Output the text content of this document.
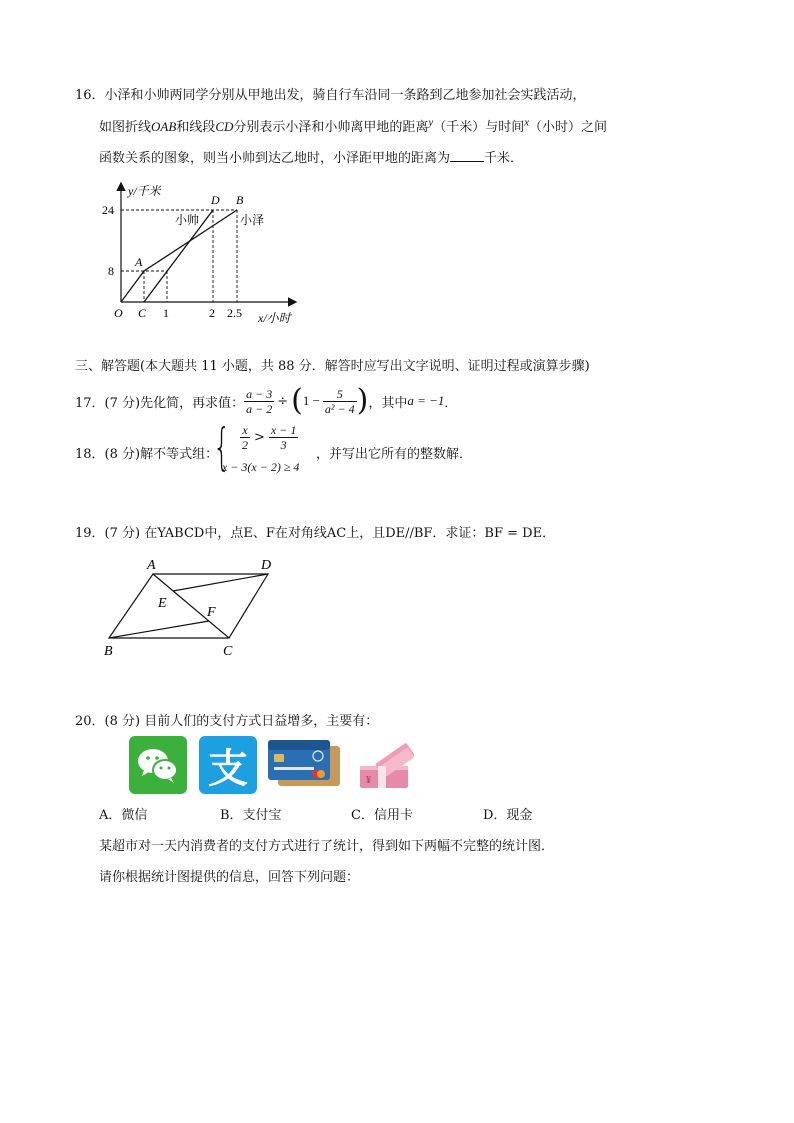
16．小泽和小帅两同学分别从甲地出发，骑自行车沿同一条路到乙地参加社会实践活动，
如图折线OAB和线段CD分别表示小泽和小帅离甲地的距离$^y$（千米）与时间$^x$（小时）之间
函数关系的图象，则当小帅到达乙地时，小泽距甲地的距离为	千米．
y/千米
24
8
A
D B
小帅	小泽
O C 1	2 2.5 x/小时
三、解答题(本大题共 11 小题，共 88 分．解答时应写出文字说明、证明过程或演算步骤)
17．(7 分)先化简，再求值： $\frac{a - 3}{a - 2}$ ÷ ( $1 - \frac{5}{\text{a² − 4}}$ ) ，其中 a = −1 ．
18．(8 分)解不等式组：
{ $\frac{x}{2} > \frac{x - 1}{3}$
x − 3(x − 2) ≥ 4
，并写出它所有的整数解．
19．(7 分) 在YABCD中，点E、F在对角线AC上，且DE//BF．求证：BF = DE．
A	D
E
F
B	C
20．(8 分) 目前人们的支付方式日益增多，主要有：
支	¥
A．微信	B．支付宝	C．信用卡	D．现金
某超市对一天内消费者的支付方式进行了统计，得到如下两幅不完整的统计图．
请你根据统计图提供的信息，回答下列问题：
